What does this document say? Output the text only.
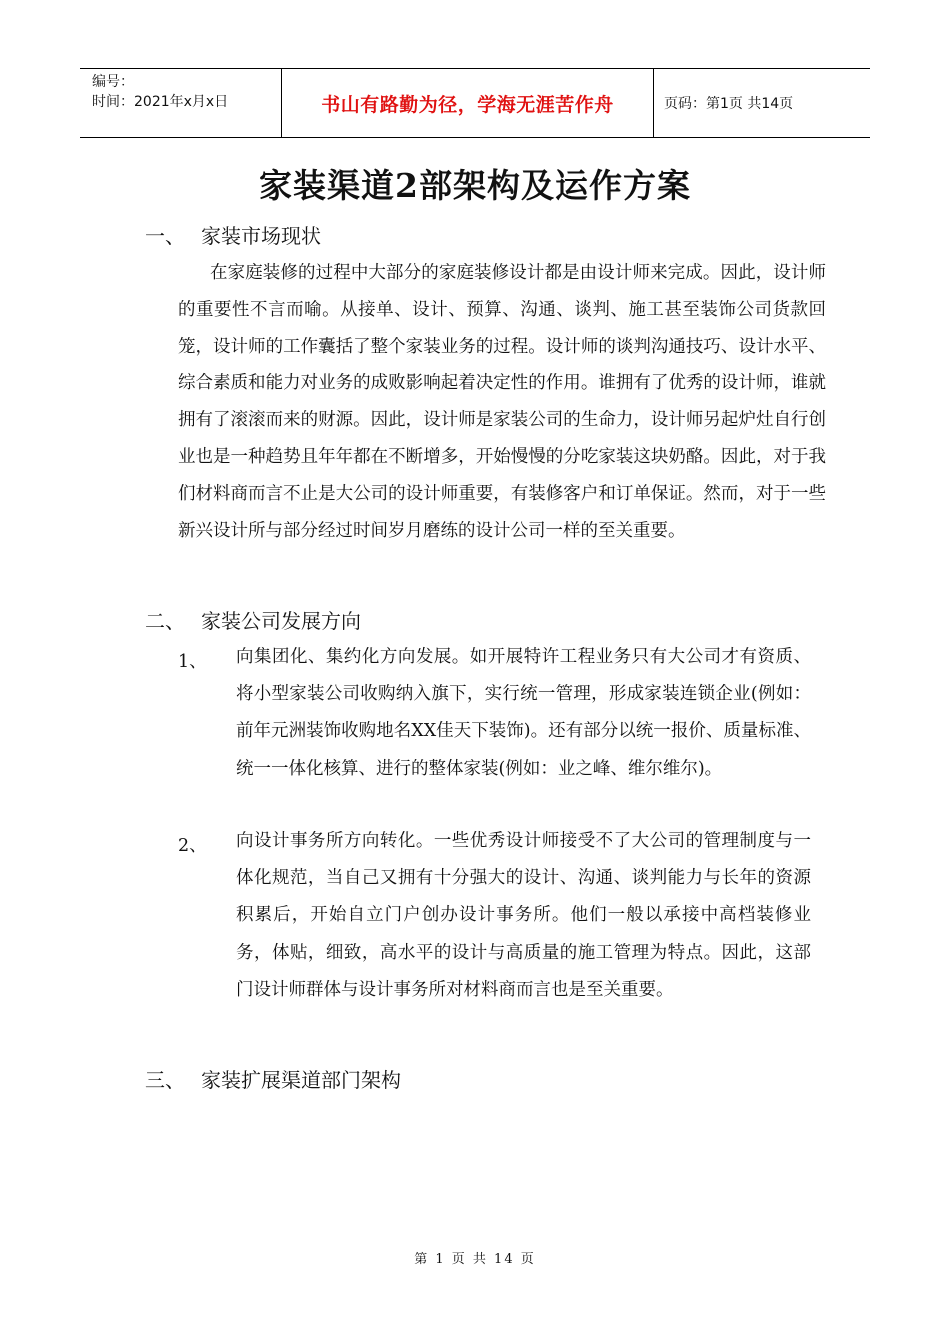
编号：
时间：2021年x月x日	书山有路勤为径，学海无涯苦作舟	页码：第1页 共14页
家装渠道2部架构及运作方案
一、 家装市场现状
在家庭装修的过程中大部分的家庭装修设计都是由设计师来完成。因此，设计师的重要性不言而喻。从接单、设计、预算、沟通、谈判、施工甚至装饰公司货款回笼，设计师的工作囊括了整个家装业务的过程。设计师的谈判沟通技巧、设计水平、综合素质和能力对业务的成败影响起着决定性的作用。谁拥有了优秀的设计师，谁就拥有了滚滚而来的财源。因此，设计师是家装公司的生命力，设计师另起炉灶自行创业也是一种趋势且年年都在不断增多，开始慢慢的分吃家装这块奶酪。因此，对于我们材料商而言不止是大公司的设计师重要，有装修客户和订单保证。然而，对于一些新兴设计所与部分经过时间岁月磨练的设计公司一样的至关重要。
二、 家装公司发展方向
1、 向集团化、集约化方向发展。如开展特许工程业务只有大公司才有资质、将小型家装公司收购纳入旗下，实行统一管理，形成家装连锁企业(例如：前年元洲装饰收购地名XX佳天下装饰)。还有部分以统一报价、质量标准、统一一体化核算、进行的整体家装(例如：业之峰、维尔维尔)。
2、 向设计事务所方向转化。一些优秀设计师接受不了大公司的管理制度与一体化规范，当自己又拥有十分强大的设计、沟通、谈判能力与长年的资源积累后，开始自立门户创办设计事务所。他们一般以承接中高档装修业务，体贴，细致，高水平的设计与高质量的施工管理为特点。因此，这部门设计师群体与设计事务所对材料商而言也是至关重要。
三、 家装扩展渠道部门架构
第 1 页 共 14 页
